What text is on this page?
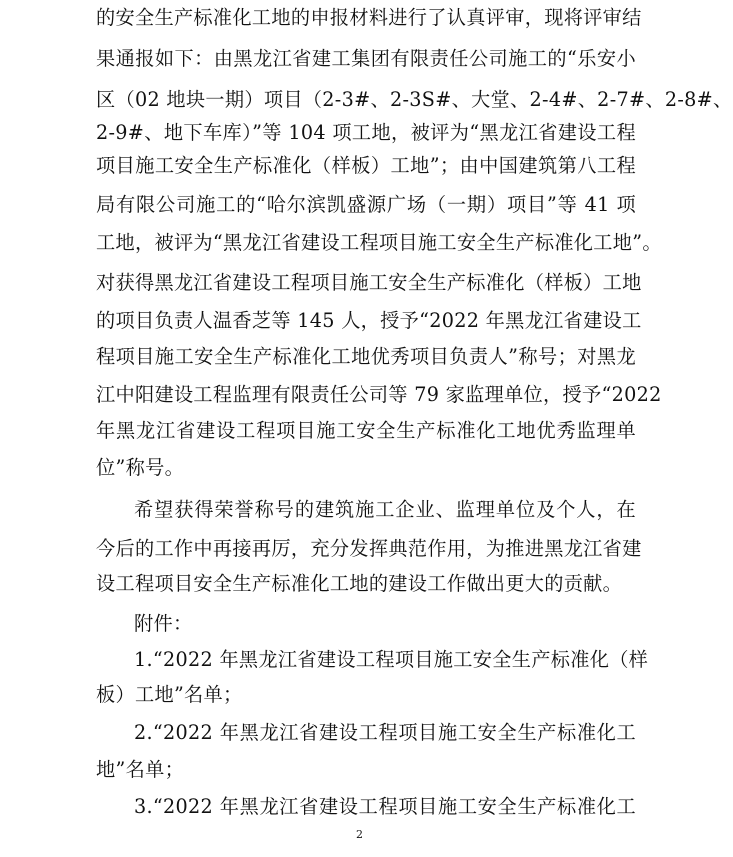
的安全生产标准化工地的申报材料进行了认真评审，现将评审结
果通报如下：由黑龙江省建工集团有限责任公司施工的“乐安小
区（02 地块一期）项目（2-3#、2-3S#、大堂、2-4#、2-7#、2-8#、
2-9#、地下车库）”等 104 项工地，被评为“黑龙江省建设工程
项目施工安全生产标准化（样板）工地”；由中国建筑第八工程
局有限公司施工的“哈尔滨凯盛源广场（一期）项目”等 41 项
工地，被评为“黑龙江省建设工程项目施工安全生产标准化工地”。
对获得黑龙江省建设工程项目施工安全生产标准化（样板）工地
的项目负责人温香芝等 145 人，授予“2022 年黑龙江省建设工
程项目施工安全生产标准化工地优秀项目负责人”称号；对黑龙
江中阳建设工程监理有限责任公司等 79 家监理单位，授予“2022
年黑龙江省建设工程项目施工安全生产标准化工地优秀监理单
位”称号。
希望获得荣誉称号的建筑施工企业、监理单位及个人，在
今后的工作中再接再厉，充分发挥典范作用，为推进黑龙江省建
设工程项目安全生产标准化工地的建设工作做出更大的贡献。
附件：
1.“2022 年黑龙江省建设工程项目施工安全生产标准化（样
板）工地”名单；
2.“2022 年黑龙江省建设工程项目施工安全生产标准化工
地”名单；
3.“2022 年黑龙江省建设工程项目施工安全生产标准化工
2
